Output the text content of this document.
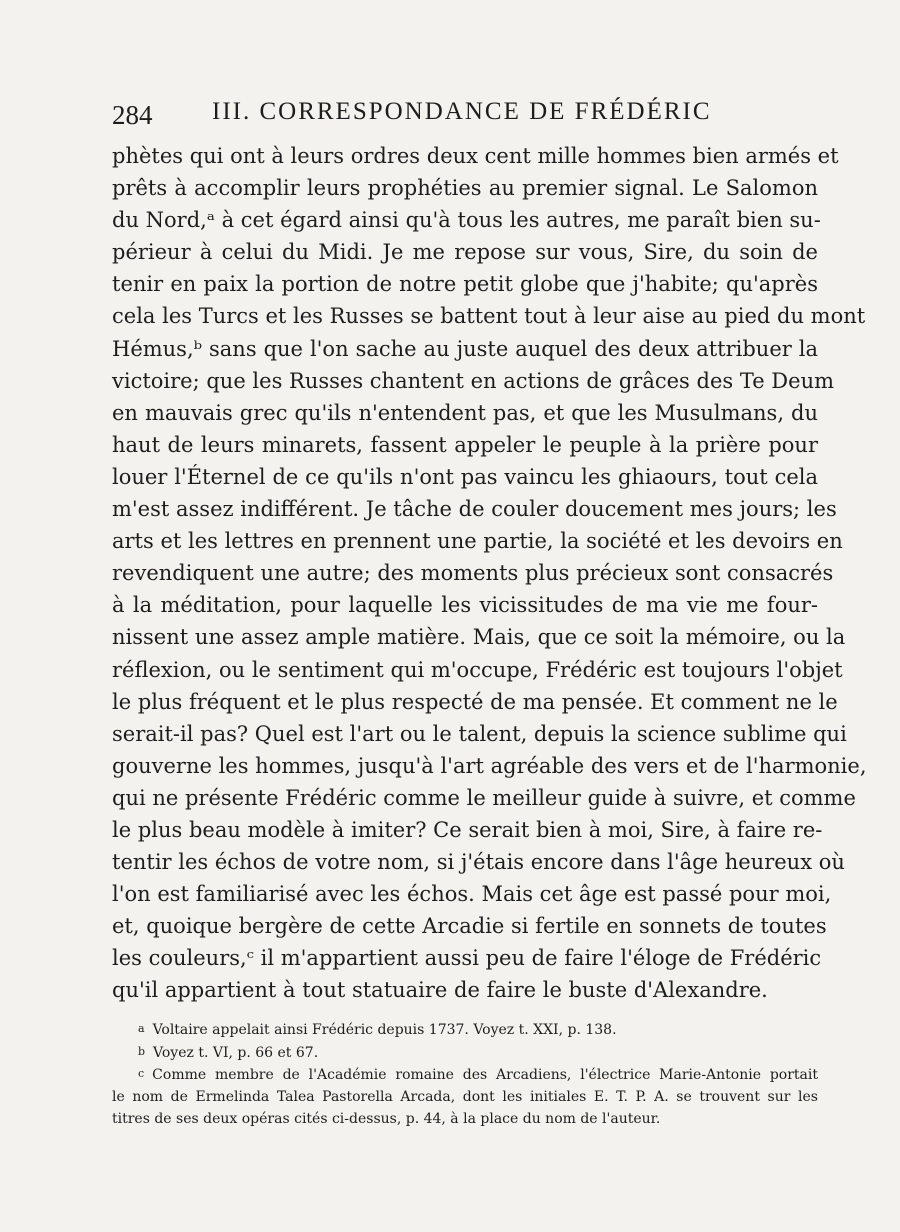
284 III. CORRESPONDANCE DE FRÉDÉRIC
phètes qui ont à leurs ordres deux cent mille hommes bien armés et
prêts à accomplir leurs prophéties au premier signal. Le Salomon
du Nord,ᵃ à cet égard ainsi qu'à tous les autres, me paraît bien su-
périeur à celui du Midi. Je me repose sur vous, Sire, du soin de
tenir en paix la portion de notre petit globe que j'habite; qu'après
cela les Turcs et les Russes se battent tout à leur aise au pied du mont
Hémus,ᵇ sans que l'on sache au juste auquel des deux attribuer la
victoire; que les Russes chantent en actions de grâces des Te Deum
en mauvais grec qu'ils n'entendent pas, et que les Musulmans, du
haut de leurs minarets, fassent appeler le peuple à la prière pour
louer l'Éternel de ce qu'ils n'ont pas vaincu les ghiaours, tout cela
m'est assez indifférent. Je tâche de couler doucement mes jours; les
arts et les lettres en prennent une partie, la société et les devoirs en
revendiquent une autre; des moments plus précieux sont consacrés
à la méditation, pour laquelle les vicissitudes de ma vie me four-
nissent une assez ample matière. Mais, que ce soit la mémoire, ou la
réflexion, ou le sentiment qui m'occupe, Frédéric est toujours l'objet
le plus fréquent et le plus respecté de ma pensée. Et comment ne le
serait-il pas? Quel est l'art ou le talent, depuis la science sublime qui
gouverne les hommes, jusqu'à l'art agréable des vers et de l'harmonie,
qui ne présente Frédéric comme le meilleur guide à suivre, et comme
le plus beau modèle à imiter? Ce serait bien à moi, Sire, à faire re-
tentir les échos de votre nom, si j'étais encore dans l'âge heureux où
l'on est familiarisé avec les échos. Mais cet âge est passé pour moi,
et, quoique bergère de cette Arcadie si fertile en sonnets de toutes
les couleurs,ᶜ il m'appartient aussi peu de faire l'éloge de Frédéric
qu'il appartient à tout statuaire de faire le buste d'Alexandre.
a Voltaire appelait ainsi Frédéric depuis 1737. Voyez t. XXI, p. 138.
b Voyez t. VI, p. 66 et 67.
c Comme membre de l'Académie romaine des Arcadiens, l'électrice Marie-Antonie portait
le nom de Ermelinda Talea Pastorella Arcada, dont les initiales E. T. P. A. se trouvent sur les
titres de ses deux opéras cités ci-dessus, p. 44, à la place du nom de l'auteur.
